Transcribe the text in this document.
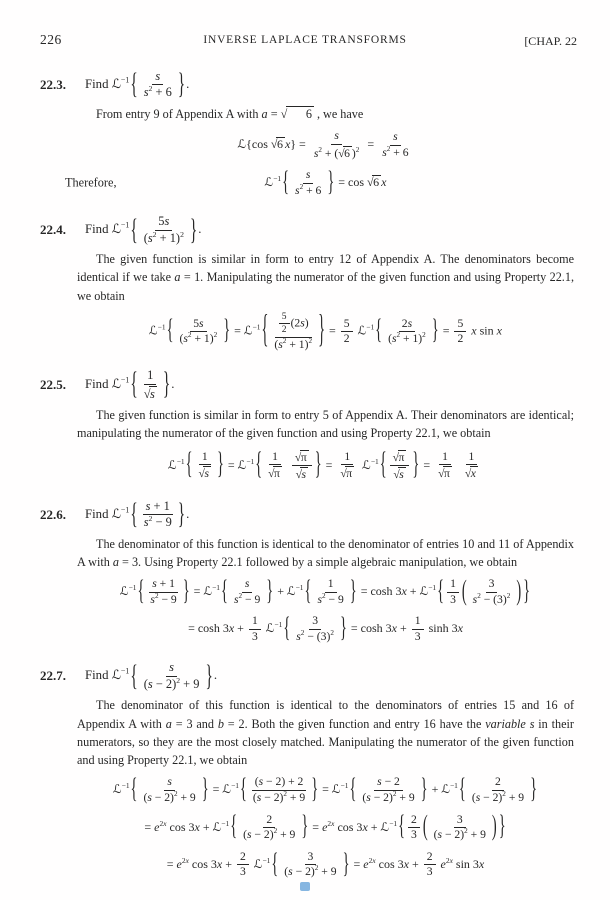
226	INVERSE LAPLACE TRANSFORMS	[CHAP. 22
22.3.	Find ℒ$^{-1}$ { $\frac{s}{s^2 + 6}$ } .

From entry 9 of Appendix A with a = √ 6 , we have

ℒ{cos √6 $x\} = \frac{s}{s^2 + (√6 )^2} = \frac{s}{s^2 + 6}$
Therefore,	ℒ$^{-1}$ { $\frac{s}{s^2 + 6}$ } = cos √6 x
22.4.	Find ℒ$^{-1}$ { $\frac{5s}{(s^2 + 1)^2}$ } .

The given function is similar in form to entry 12 of Appendix A. The denominators become identical if we take a = 1. Manipulating the numerator of the given function and using Property 22.1, we obtain

ℒ$^{-1}$ { $\frac{5s}{(s^2 + 1)^2}$ } = ℒ$^{-1}$ { $\frac{\frac{5}{2} (2s)}{(s^2 + 1)^2}$ } = $\frac{5}{2}$ ℒ$^{-1}$ { $\frac{2s}{(s^2 + 1)^2}$ } = $\frac{5}{2}$ x sin x
22.5.	Find ℒ$^{-1}$ { $\frac{1}{√s}$ } .

The given function is similar in form to entry 5 of Appendix A. Their denominators are identical; manipulating the numerator of the given function and using Property 22.1, we obtain

ℒ$^{-1}$ { $\frac{1}{√s}$ } = ℒ$^{-1}$ { $\frac{1}{√\pi}$
$\frac{√\pi}{√s}$ } = $\frac{1}{√\pi}$ ℒ$^{-1}$ { $\frac{√\pi}{√s}$ } = $\frac{1}{√\pi}$
$\frac{1}{√x}$
22.6.	Find ℒ$^{-1}$ { $\frac{s + 1}{s^2 - 9}$ } .

The denominator of this function is identical to the denominator of entries 10 and 11 of Appendix A with a = 3. Using Property 22.1 followed by a simple algebraic manipulation, we obtain

ℒ$^{-1}$ { $\frac{s + 1}{s^2 - 9}$ } = ℒ$^{-1}$ { $\frac{s}{s^2 - 9}$ } + ℒ$^{-1}$ { $\frac{1}{s^2 - 9}$ } = cosh 3x + ℒ$^{-1}$ { $\frac{1}{3}$ ( $\frac{3}{s^2 - (3)^2}$ ) }
= $\cosh 3x + \frac{1}{3}$ ℒ$^{-1}$ { $\frac{3}{s^2 - (3)^2}$ } = $\cosh 3x + \frac{1}{3}$ sinh 3x
22.7.	Find ℒ$^{-1}$ { $\frac{s}{(s - 2)^2 + 9}$ } .

The denominator of this function is identical to the denominators of entries 15 and 16 of Appendix A with a = 3 and b = 2. Both the given function and entry 16 have the variable s in their numerators, so they are the most closely matched. Manipulating the numerator of the given function and using Property 22.1, we obtain

ℒ$^{-1}$ { $\frac{s}{(s - 2)^2 + 9}$ } = ℒ$^{-1}$ { $\frac{(s - 2) + 2}{(s - 2)^2 + 9}$ } = ℒ$^{-1}$ { $\frac{s - 2}{(s - 2)^2 + 9}$ } + ℒ$^{-1}$ { $\frac{2}{(s - 2)^2 + 9}$ }
= $e^{2x}$ cos 3x + ℒ$^{-1}$ { $\frac{2}{(s - 2)^2 + 9}$ } = $e^{2x}$ cos 3x + ℒ$^{-1}$ { $\frac{2}{3}$ ( $\frac{3}{(s - 2)^2 + 9}$ ) }
= $e^{2x}$ $\cos 3x + \frac{2}{3}$ ℒ$^{-1}$ { $\frac{3}{(s - 2)^2 + 9}$ } = $e^{2x}$ $\cos 3x + \frac{2}{3} e^{2x}$ sin 3x
